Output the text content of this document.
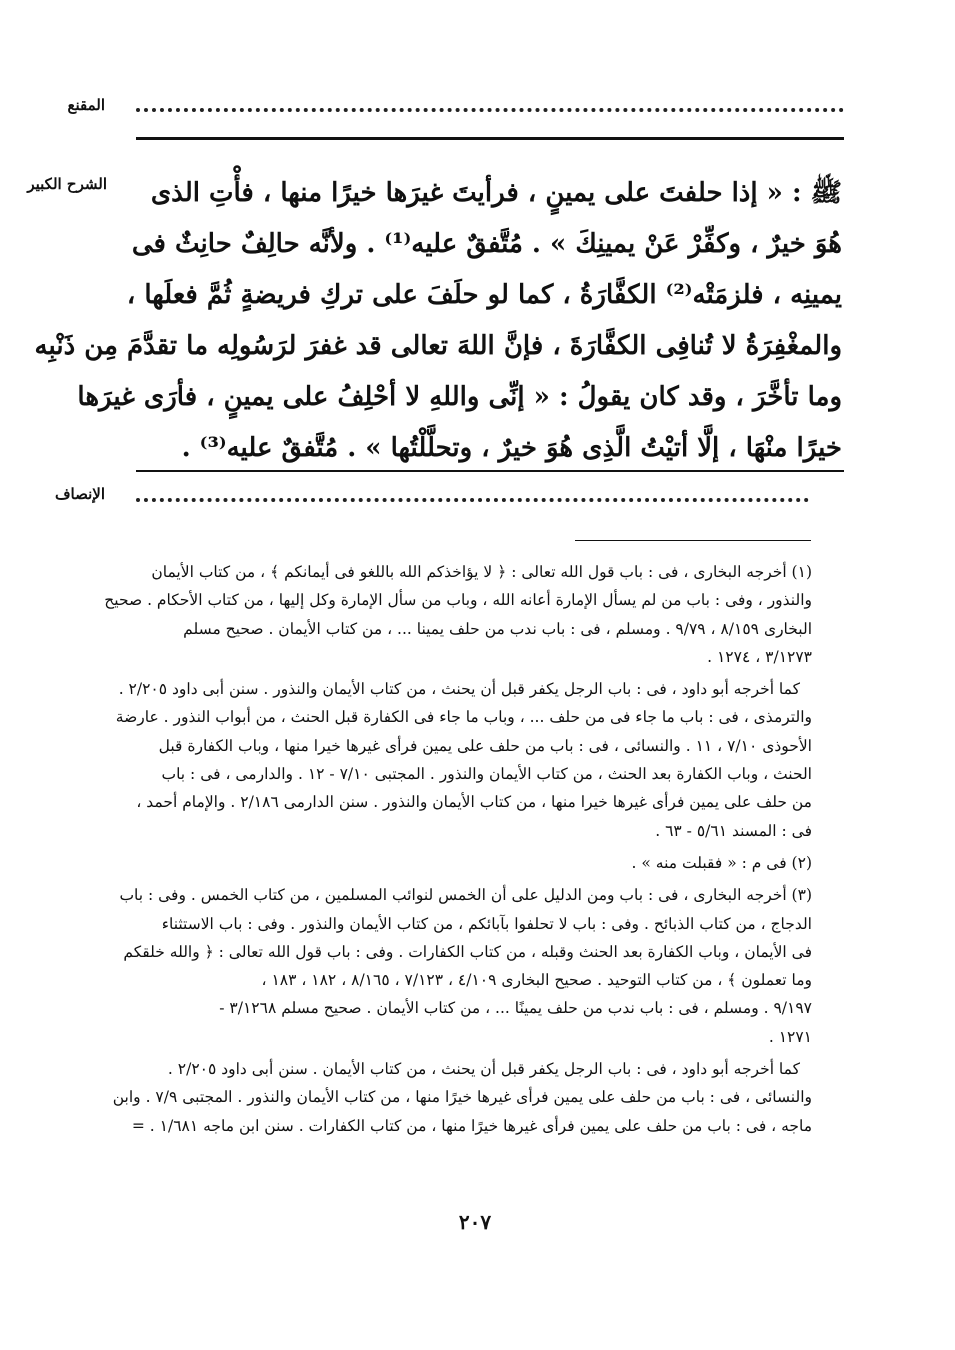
المقنع
الشرح الكبير
الإنصاف
ﷺ : « إذا حلفتَ على يمينٍ ، فرأيتَ غيرَها خيرًا منها ، فأْتِ الذى
هُوَ خيرٌ ، وكفِّرْ عَنْ يمينِكَ » . مُتَّفقٌ عليه⁽¹⁾ . ولأنَّه حالِفٌ حانِثٌ فى
يمينِه ، فلزمَتْه⁽²⁾ الكفَّارَةُ ، كما لو حلَفَ على تركِ فريضةٍ ثُمَّ فعلَها ،
والمغْفِرَةُ لا تُنافِى الكفَّارَةَ ، فإنَّ اللهَ تعالى قد غفرَ لرَسُولِه ما تقدَّمَ مِن ذَنْبِه
وما تأخَّرَ ، وقد كان يقولُ : « إنِّى واللهِ لا أحْلِفُ على يمينٍ ، فأرَى غيرَها
خيرًا منْهَا ، إلَّا أتيْتُ الَّذِى هُوَ خيرٌ ، وتحلَّلْتُها » . مُتَّفقٌ عليه⁽³⁾ .
(١) أخرجه البخارى ، فى : باب قول الله تعالى : ﴿ لا يؤاخذكم الله باللغو فى أيمانكم ﴾ ، من كتاب الأيمان
والنذور ، وفى : باب من لم يسأل الإمارة أعانه الله ، وباب من سأل الإمارة وكل إليها ، من كتاب الأحكام . صحيح
البخارى ٨/١٥٩ ، ٩/٧٩ . ومسلم ، فى : باب ندب من حلف يمينا ... ، من كتاب الأيمان . صحيح مسلم
٣/١٢٧٣ ، ١٢٧٤ .
كما أخرجه أبو داود ، فى : باب الرجل يكفر قبل أن يحنث ، من كتاب الأيمان والنذور . سنن أبى داود ٢/٢٠٥ .
والترمذى ، فى : باب ما جاء فى من حلف ... ، وباب ما جاء فى الكفارة قبل الحنث ، من أبواب النذور . عارضة
الأحوذى ٧/١٠ ، ١١ . والنسائى ، فى : باب من حلف على يمين فرأى غيرها خيرا منها ، وباب الكفارة قبل
الحنث ، وباب الكفارة بعد الحنث ، من كتاب الأيمان والنذور . المجتبى ٧/١٠ - ١٢ . والدارمى ، فى : باب
من حلف على يمين فرأى غيرها خيرا منها ، من كتاب الأيمان والنذور . سنن الدارمى ٢/١٨٦ . والإمام أحمد ،
فى : المسند ٥/٦١ - ٦٣ .
(٢) فى م : « فقبلت منه » .
(٣) أخرجه البخارى ، فى : باب ومن الدليل على أن الخمس لنوائب المسلمين ، من كتاب الخمس . وفى : باب
الدجاج ، من كتاب الذبائح . وفى : باب لا تحلفوا بآبائكم ، من كتاب الأيمان والنذور . وفى : باب الاستثناء
فى الأيمان ، وباب الكفارة بعد الحنث وقبله ، من كتاب الكفارات . وفى : باب قول الله تعالى : ﴿ والله خلقكم
وما تعملون ﴾ ، من كتاب التوحيد . صحيح البخارى ٤/١٠٩ ، ٧/١٢٣ ، ٨/١٦٥ ، ١٨٢ ، ١٨٣ ،
٩/١٩٧ . ومسلم ، فى : باب ندب من حلف يمينًا ... ، من كتاب الأيمان . صحيح مسلم ٣/١٢٦٨ -
١٢٧١ .
كما أخرجه أبو داود ، فى : باب الرجل يكفر قبل أن يحنث ، من كتاب الأيمان . سنن أبى داود ٢/٢٠٥ .
والنسائى ، فى : باب من حلف على يمين فرأى غيرها خيرًا منها ، من كتاب الأيمان والنذور . المجتبى ٧/٩ . وابن
ماجه ، فى : باب من حلف على يمين فرأى غيرها خيرًا منها ، من كتاب الكفارات . سنن ابن ماجه ١/٦٨١ . =
٢٠٧
